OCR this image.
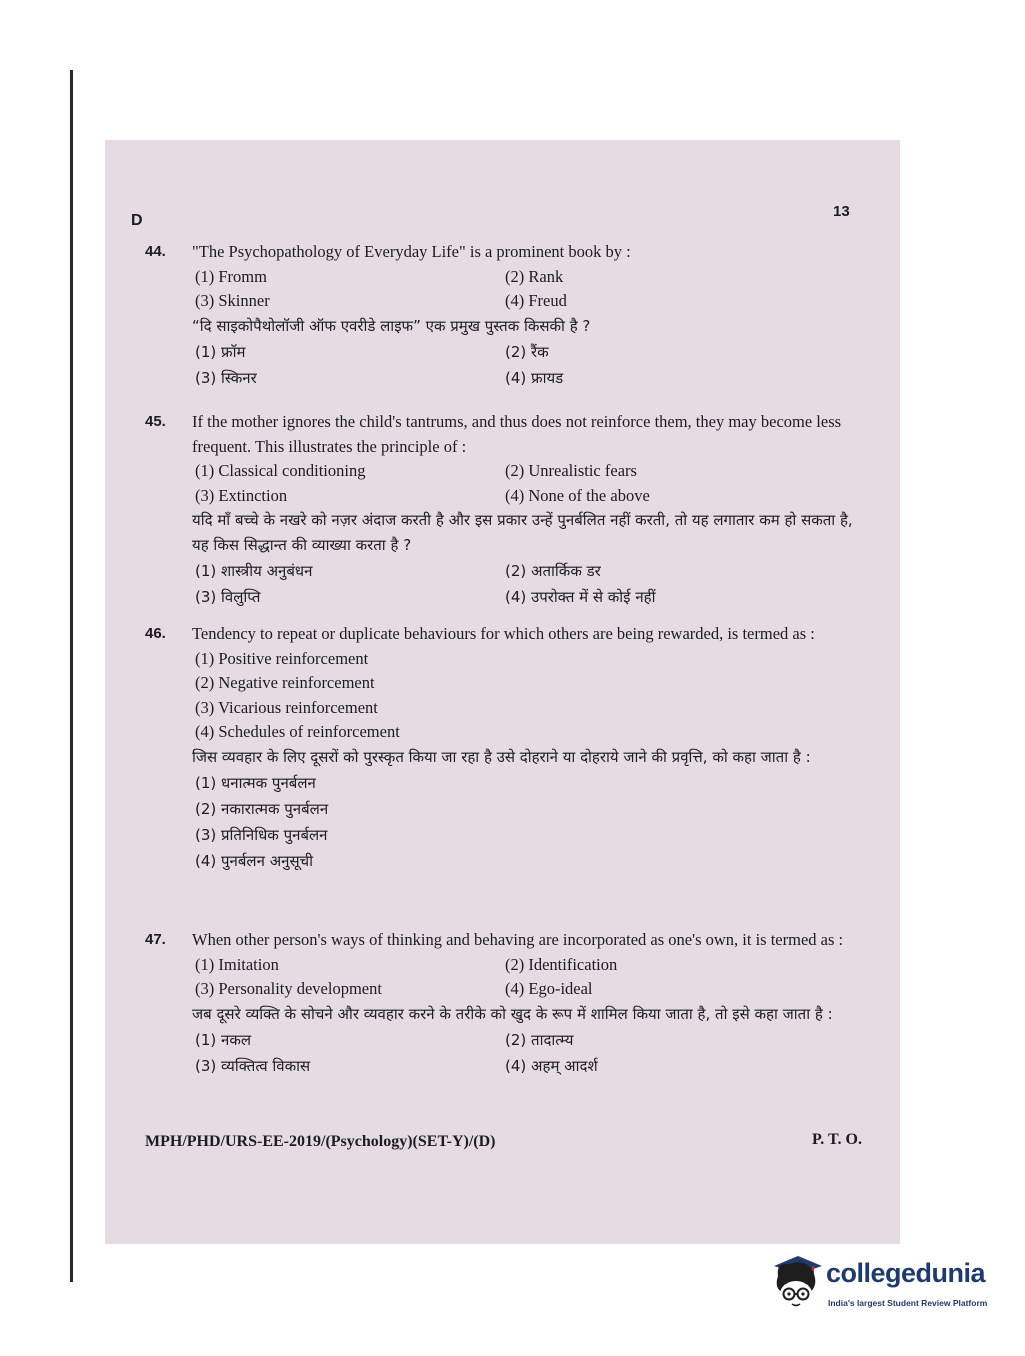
D
13
44. "The Psychopathology of Everyday Life" is a prominent book by :
(1) Fromm	(2) Rank
(3) Skinner	(4) Freud
“दि साइकोपैथोलॉजी ऑफ एवरीडे लाइफ” एक प्रमुख पुस्तक किसकी है ?
(1) फ्रॉम	(2) रैंक
(3) स्किनर	(4) फ्रायड
45. If the mother ignores the child's tantrums, and thus does not reinforce them, they may become less frequent. This illustrates the principle of :
(1) Classical conditioning	(2) Unrealistic fears
(3) Extinction	(4) None of the above
यदि माँ बच्चे के नखरे को नज़र अंदाज करती है और इस प्रकार उन्हें पुनर्बलित नहीं करती, तो यह लगातार कम हो सकता है, यह किस सिद्धान्त की व्याख्या करता है ?
(1) शास्त्रीय अनुबंधन	(2) अतार्किक डर
(3) विलुप्ति	(4) उपरोक्त में से कोई नहीं
46. Tendency to repeat or duplicate behaviours for which others are being rewarded, is termed as :
(1) Positive reinforcement
(2) Negative reinforcement
(3) Vicarious reinforcement
(4) Schedules of reinforcement
जिस व्यवहार के लिए दूसरों को पुरस्कृत किया जा रहा है उसे दोहराने या दोहराये जाने की प्रवृत्ति, को कहा जाता है :
(1) धनात्मक पुनर्बलन
(2) नकारात्मक पुनर्बलन
(3) प्रतिनिधिक पुनर्बलन
(4) पुनर्बलन अनुसूची
47. When other person's ways of thinking and behaving are incorporated as one's own, it is termed as :
(1) Imitation	(2) Identification
(3) Personality development	(4) Ego-ideal
जब दूसरे व्यक्ति के सोचने और व्यवहार करने के तरीके को खुद के रूप में शामिल किया जाता है, तो इसे कहा जाता है :
(1) नकल	(2) तादात्म्य
(3) व्यक्तित्व विकास	(4) अहम् आदर्श
MPH/PHD/URS-EE-2019/(Psychology)(SET-Y)/(D)	P. T. O.
collegedunia
India's largest Student Review Platform
